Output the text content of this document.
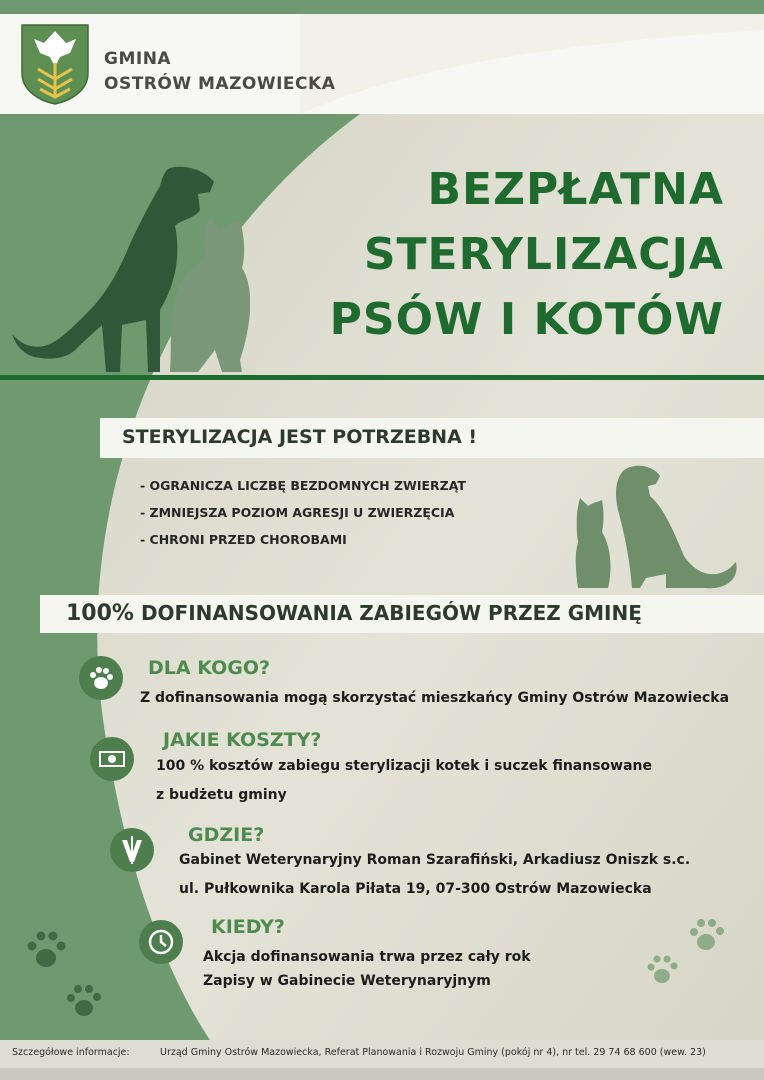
GMINA
OSTRÓW MAZOWIECKA
BEZPŁATNA
STERYLIZACJA
PSÓW I KOTÓW
STERYLIZACJA JEST POTRZEBNA !
- OGRANICZA LICZBĘ BEZDOMNYCH ZWIERZĄT
- ZMNIEJSZA POZIOM AGRESJI U ZWIERZĘCIA
- CHRONI PRZED CHOROBAMI
100% DOFINANSOWANIA ZABIEGÓW PRZEZ GMINĘ
DLA KOGO?
Z dofinansowania mogą skorzystać mieszkańcy Gminy Ostrów Mazowiecka
JAKIE KOSZTY?
100 % kosztów zabiegu sterylizacji kotek i suczek finansowane
z budżetu gminy
GDZIE?
Gabinet Weterynaryjny Roman Szarafiński, Arkadiusz Oniszk s.c.
ul. Pułkownika Karola Piłata 19, 07-300 Ostrów Mazowiecka
KIEDY?
Akcja dofinansowania trwa przez cały rok
Zapisy w Gabinecie Weterynaryjnym
Szczegółowe informacje:	Urząd Gminy Ostrów Mazowiecka, Referat Planowania i Rozwoju Gminy (pokój nr 4), nr tel. 29 74 68 600 (wew. 23)
